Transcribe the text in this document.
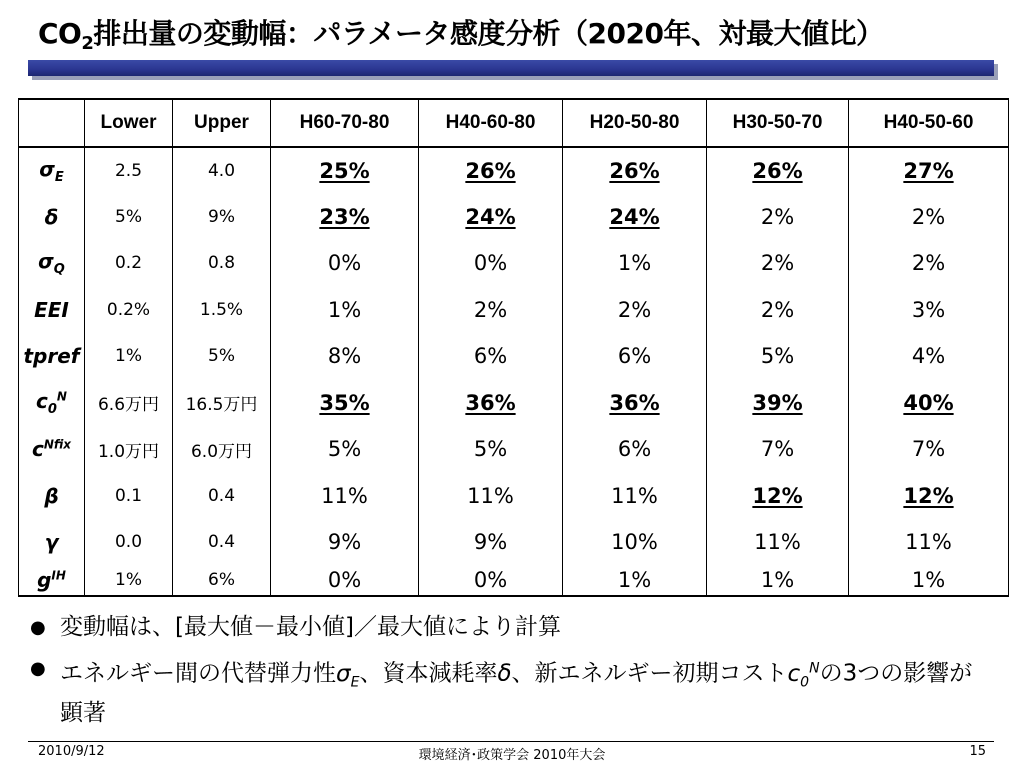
$CO_2$排出量の変動幅：パラメータ感度分析（2020年、対最大値比）
	Lower	Upper	H60-70-80	H40-60-80	H20-50-80	H30-50-70	H40-50-60
$\sigma_E$	2.5	4.0	25%	26%	26%	26%	27%
δ	5%	9%	23%	24%	24%	2%	2%
$\sigma_Q$	0.2	0.8	0%	0%	1%	2%	2%
EEI	0.2%	1.5%	1%	2%	2%	2%	3%
tpref	1%	5%	8%	6%	6%	5%	4%
$c_0^N$	6.6万円	16.5万円	35%	36%	36%	39%	40%
$c^{Nfix}$	1.0万円	6.0万円	5%	5%	6%	7%	7%
β	0.1	0.4	11%	11%	11%	12%	12%
γ	0.0	0.4	9%	9%	10%	11%	11%
$g^{IH}$	1%	6%	0%	0%	1%	1%	1%
● 変動幅は、[最大値－最小値]／最大値により計算
● エネルギー間の代替弾力性$\sigma_E$、資本減耗率δ、新エネルギー初期コスト$c_0^N$の3つの影響が顕著
2010/9/12	環境経済･政策学会 2010年大会	15
